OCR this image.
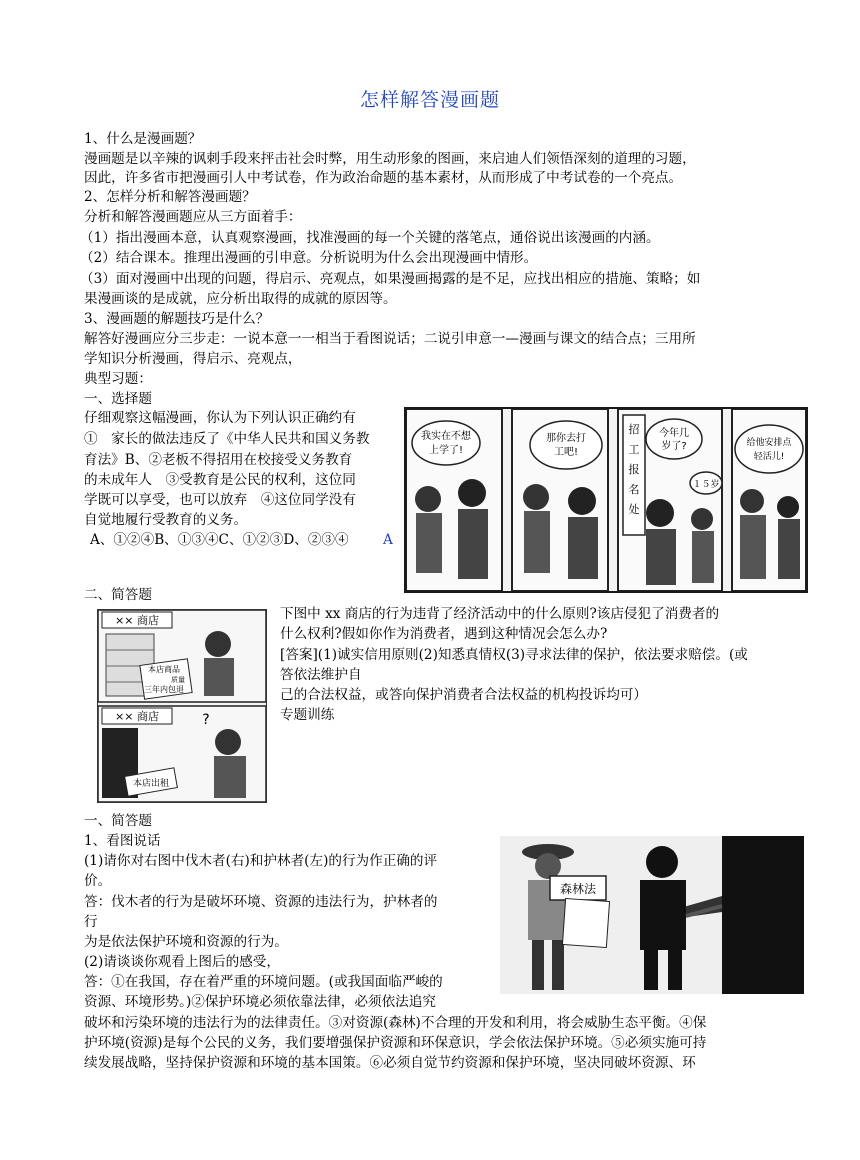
怎样解答漫画题
1、什么是漫画题？
漫画题是以辛辣的讽刺手段来抨击社会时弊，用生动形象的图画，来启迪人们领悟深刻的道理的习题，
因此，许多省市把漫画引人中考试卷，作为政治命题的基本素材，从而形成了中考试卷的一个亮点。
2、怎样分析和解答漫画题？
分析和解答漫画题应从三方面着手：
（1）指出漫画本意，认真观察漫画，找准漫画的每一个关键的落笔点，通俗说出该漫画的内涵。
（2）结合课本。推理出漫画的引申意。分析说明为什么会出现漫画中情形。
（3）面对漫画中出现的问题，得启示、亮观点，如果漫画揭露的是不足，应找出相应的措施、策略；如
果漫画谈的是成就，应分析出取得的成就的原因等。
3、漫画题的解题技巧是什么？
解答好漫画应分三步走：一说本意一一相当于看图说话；二说引申意一—漫画与课文的结合点；三用所
学知识分析漫画，得启示、亮观点，
典型习题：
一、选择题
仔细观察这幅漫画，你认为下列认识正确约有
①　家长的做法违反了《中华人民共和国义务教
育法》B、②老板不得招用在校接受义务教育
的未成年人　③受教育是公民的权利，这位同
学既可以享受，也可以放弃　④这位同学没有
自觉地履行受教育的义务。
A、①②④B、①③④C、①②③D、②③④	A
我实在不想
上学了!
那你去打
工吧!
招
工
报
名
处
今年几
岁了?
１５岁
给他安排点
轻活儿!
二、简答题
下图中 xx 商店的行为违背了经济活动中的什么原则?该店侵犯了消费者的
什么权利?假如你作为消费者，遇到这种情况会怎么办?
[答案](1)诚实信用原则(2)知悉真情权(3)寻求法律的保护，依法要求赔偿。(或
答依法维护自
己的合法权益，或答向保护消费者合法权益的机构投诉均可）
专题训练
×× 商店
本店商品
质量
三年内包退
×× 商店	?
本店出租
一、简答题
1、看图说话
(1)请你对右图中伐木者(右)和护林者(左)的行为作正确的评
价。
答：伐木者的行为是破坏环境、资源的违法行为，护林者的
行
为是依法保护环境和资源的行为。
(2)请谈谈你观看上图后的感受，
答：①在我国，存在着严重的环境问题。(或我国面临严峻的
资源、环境形势。)②保护环境必须依靠法律，必须依法追究
破坏和污染环境的违法行为的法律责任。③对资源(森林)不合理的开发和利用，将会威胁生态平衡。④保
护环境(资源)是每个公民的义务，我们要增强保护资源和环保意识，学会依法保护环境。⑤必须实施可持
续发展战略，坚持保护资源和环境的基本国策。⑥必须自觉节约资源和保护环境，坚决同破坏资源、环
森林法
